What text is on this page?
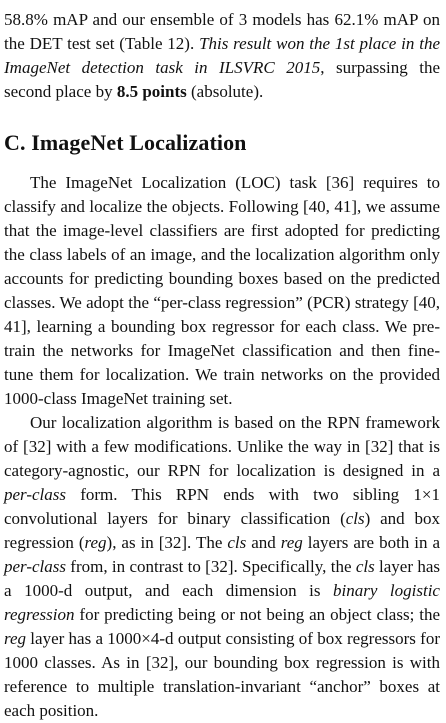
58.8% mAP and our ensemble of 3 models has 62.1% mAP on the DET test set (Table 12). This result won the 1st place in the ImageNet detection task in ILSVRC 2015, surpassing the second place by 8.5 points (absolute).

C. ImageNet Localization

The ImageNet Localization (LOC) task [36] requires to classify and localize the objects. Following [40, 41], we assume that the image-level classifiers are first adopted for predicting the class labels of an image, and the localization algorithm only accounts for predicting bounding boxes based on the predicted classes. We adopt the “per-class regression” (PCR) strategy [40, 41], learning a bounding box regressor for each class. We pre-train the networks for ImageNet classification and then fine-tune them for localization. We train networks on the provided 1000-class ImageNet training set.

Our localization algorithm is based on the RPN framework of [32] with a few modifications. Unlike the way in [32] that is category-agnostic, our RPN for localization is designed in a per-class form. This RPN ends with two sibling 1×1 convolutional layers for binary classification (cls) and box regression (reg), as in [32]. The cls and reg layers are both in a per-class from, in contrast to [32]. Specifically, the cls layer has a 1000-d output, and each dimension is binary logistic regression for predicting being or not being an object class; the reg layer has a 1000×4-d output consisting of box regressors for 1000 classes. As in [32], our bounding box regression is with reference to multiple translation-invariant “anchor” boxes at each position.
